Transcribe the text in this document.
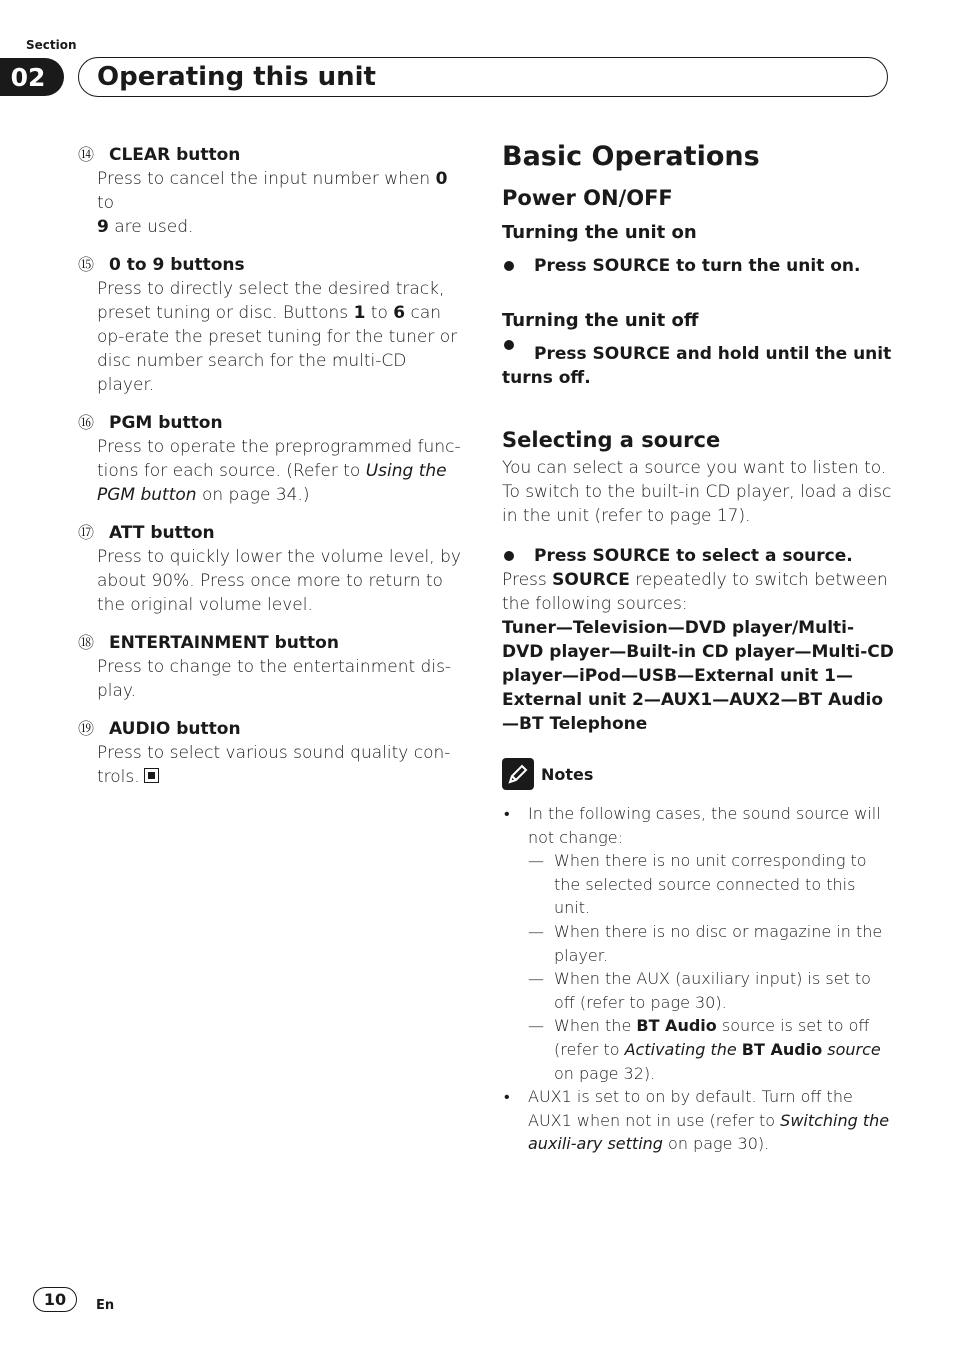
Section
02	Operating this unit
⑭ CLEAR button
Press to cancel the input number when 0 to
9 are used.
⑮ 0 to 9 buttons
Press to directly select the desired track, preset tuning or disc. Buttons 1 to 6 can op-erate the preset tuning for the tuner or disc number search for the multi-CD player.
⑯ PGM button
Press to operate the preprogrammed func-tions for each source. (Refer to Using the PGM button on page 34.)
⑰ ATT button
Press to quickly lower the volume level, by about 90%. Press once more to return to the original volume level.
⑱ ENTERTAINMENT button
Press to change to the entertainment dis-play.
⑲ AUDIO button
Press to select various sound quality con-trols.
Basic Operations
Power ON/OFF
Turning the unit on
Press SOURCE to turn the unit on.
Turning the unit off
Press SOURCE and hold until the unit turns off.
Selecting a source
You can select a source you want to listen to. To switch to the built-in CD player, load a disc in the unit (refer to page 17).
Press SOURCE to select a source.
Press SOURCE repeatedly to switch between the following sources:
Tuner—Television—DVD player/Multi-DVD player—Built-in CD player—Multi-CD player—iPod—USB—External unit 1—External unit 2—AUX1—AUX2—BT Audio
—BT Telephone
Notes
• In the following cases, the sound source will not change:
— When there is no unit corresponding to the selected source connected to this unit.
— When there is no disc or magazine in the player.
— When the AUX (auxiliary input) is set to off (refer to page 30).
— When the BT Audio source is set to off (refer to Activating the BT Audio source on page 32).
• AUX1 is set to on by default. Turn off the AUX1 when not in use (refer to Switching the auxili-ary setting on page 30).
10	En
